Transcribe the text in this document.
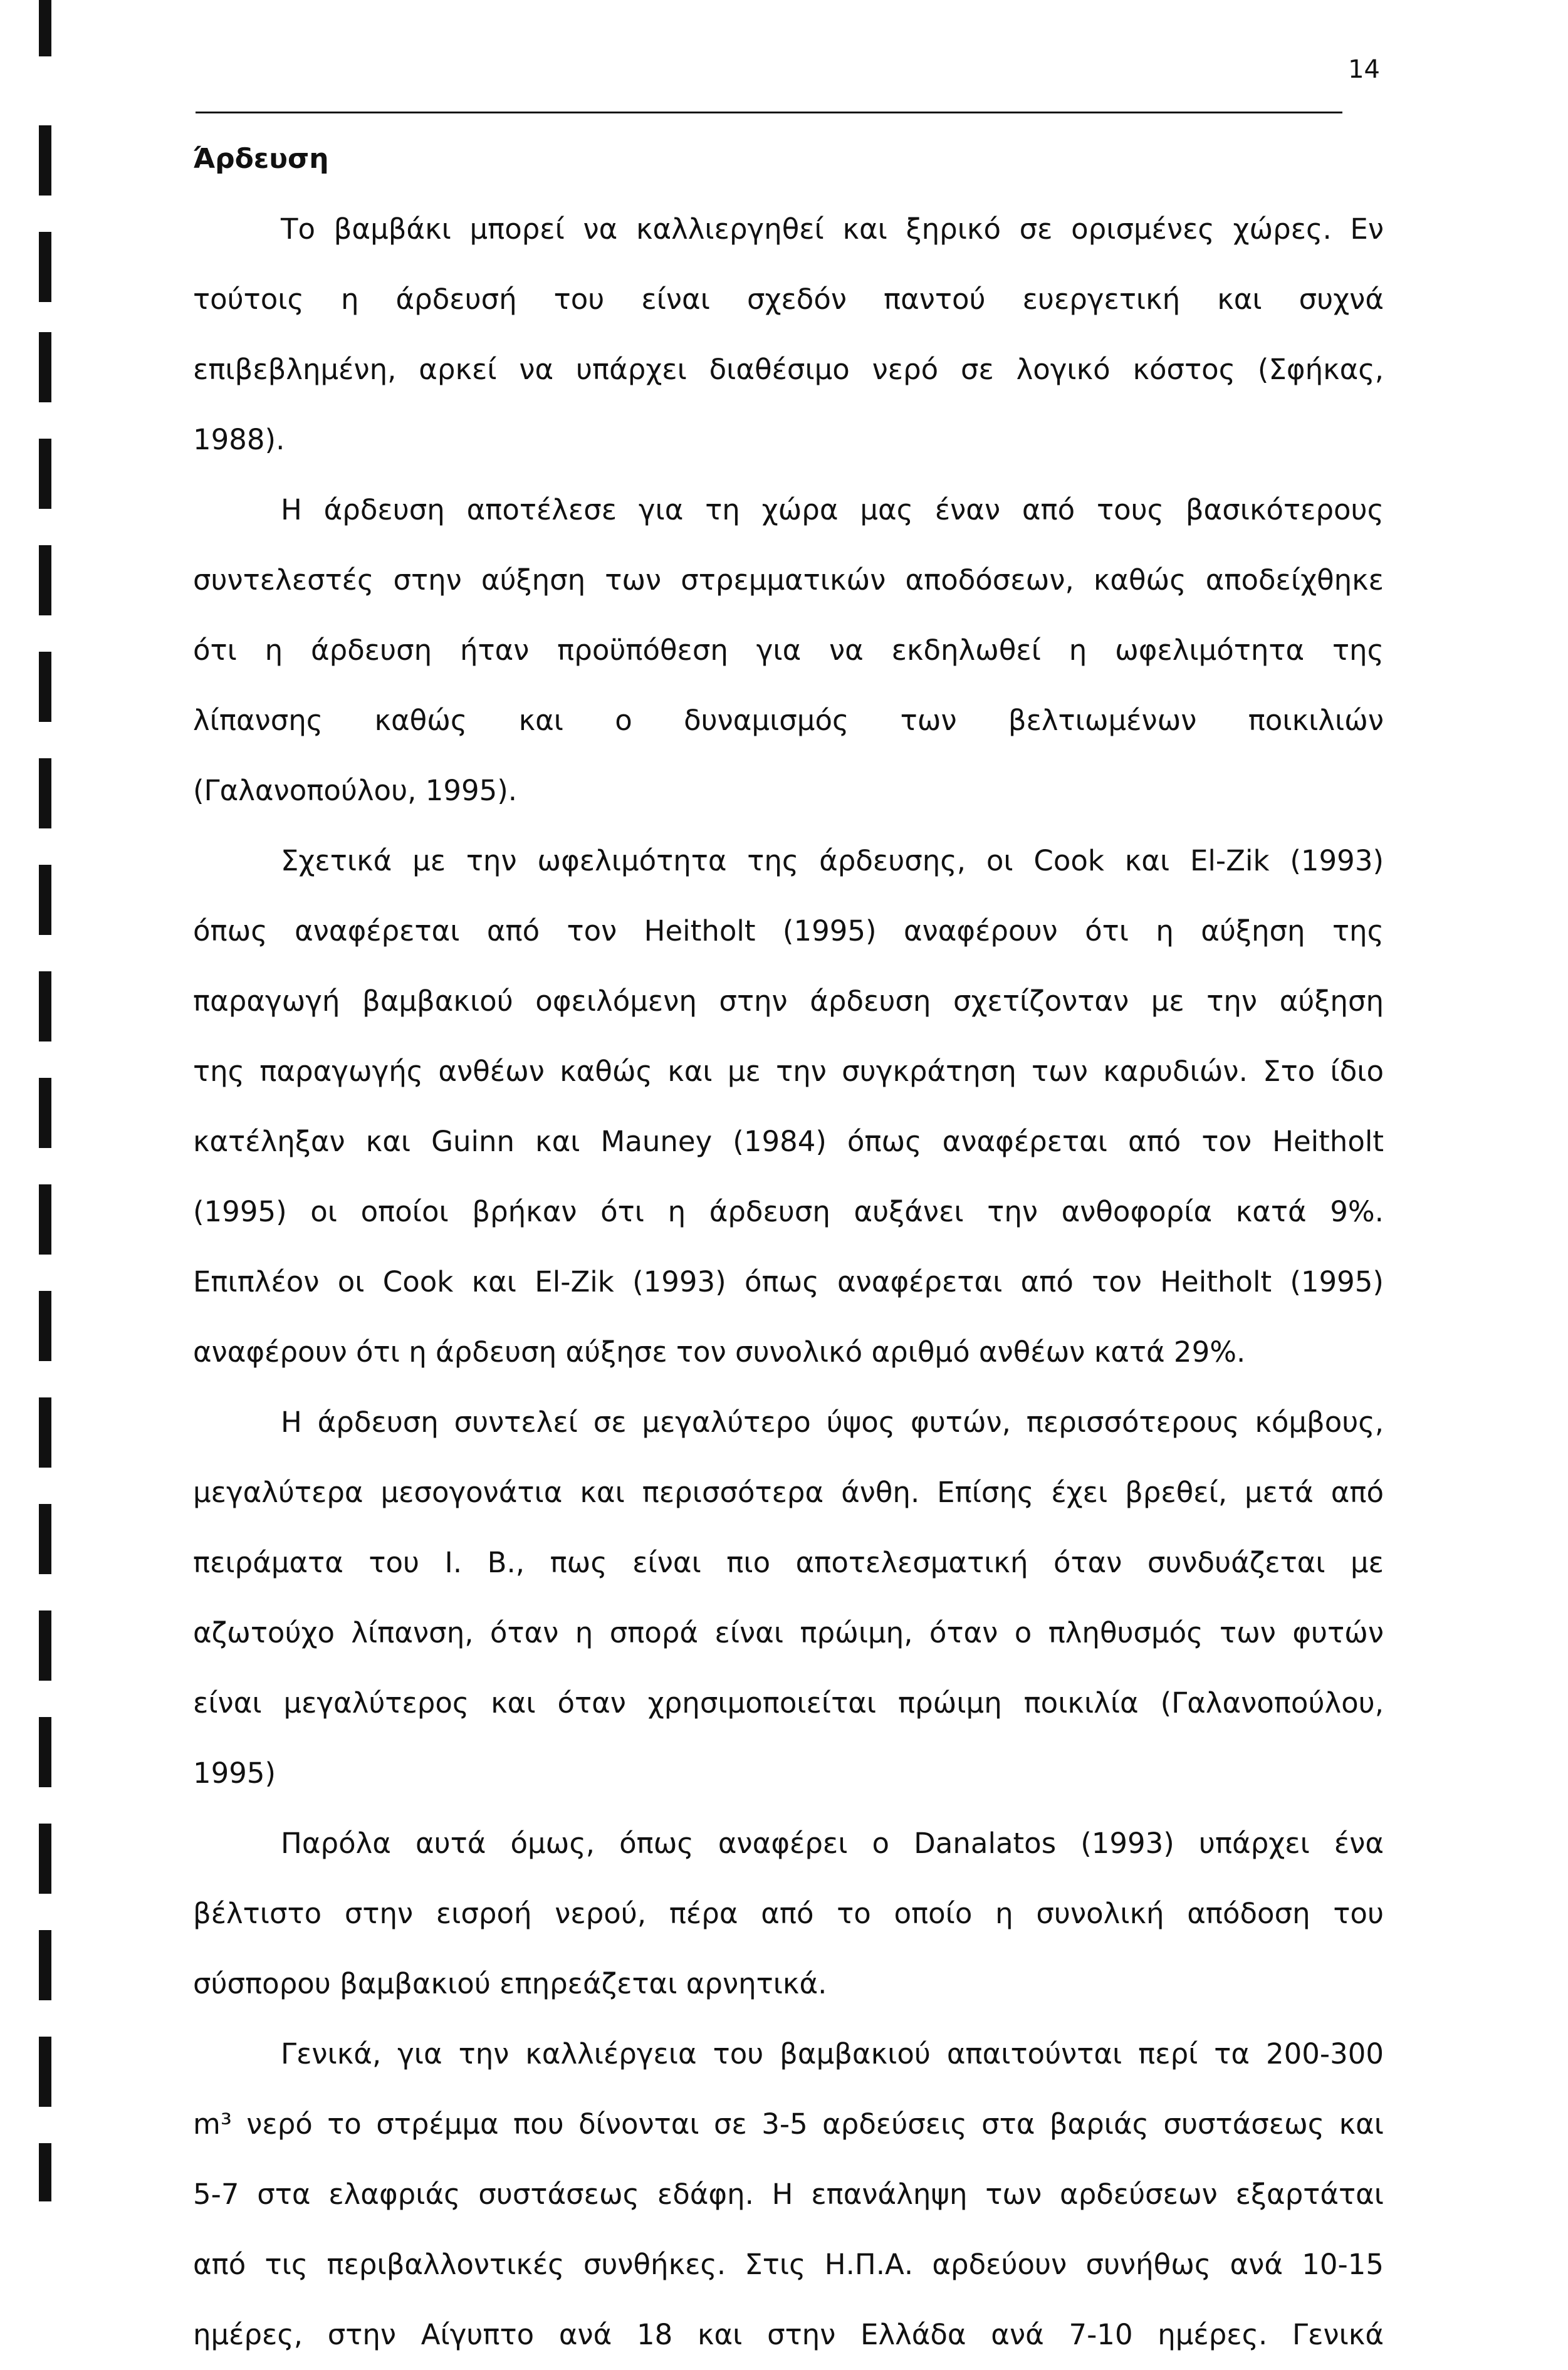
14
Άρδευση
Το βαμβάκι μπορεί να καλλιεργηθεί και ξηρικό σε ορισμένες χώρες. Εν
τούτοις η άρδευσή του είναι σχεδόν παντού ευεργετική και συχνά
επιβεβλημένη, αρκεί να υπάρχει διαθέσιμο νερό σε λογικό κόστος (Σφήκας,
1988).
Η άρδευση αποτέλεσε για τη χώρα μας έναν από τους βασικότερους
συντελεστές στην αύξηση των στρεμματικών αποδόσεων, καθώς αποδείχθηκε
ότι η άρδευση ήταν προϋπόθεση για να εκδηλωθεί η ωφελιμότητα της
λίπανσης καθώς και ο δυναμισμός των βελτιωμένων ποικιλιών
(Γαλανοπούλου, 1995).
Σχετικά με την ωφελιμότητα της άρδευσης, οι Cook και El-Zik (1993)
όπως αναφέρεται από τον Heitholt (1995) αναφέρουν ότι η αύξηση της
παραγωγή βαμβακιού οφειλόμενη στην άρδευση σχετίζονταν με την αύξηση
της παραγωγής ανθέων καθώς και με την συγκράτηση των καρυδιών. Στο ίδιο
κατέληξαν και Guinn και Mauney (1984) όπως αναφέρεται από τον Heitholt
(1995) οι οποίοι βρήκαν ότι η άρδευση αυξάνει την ανθοφορία κατά 9%.
Επιπλέον οι Cook και El-Zik (1993) όπως αναφέρεται από τον Heitholt (1995)
αναφέρουν ότι η άρδευση αύξησε τον συνολικό αριθμό ανθέων κατά 29%.
Η άρδευση συντελεί σε μεγαλύτερο ύψος φυτών, περισσότερους κόμβους,
μεγαλύτερα μεσογονάτια και περισσότερα άνθη. Επίσης έχει βρεθεί, μετά από
πειράματα του Ι. Β., πως είναι πιο αποτελεσματική όταν συνδυάζεται με
αζωτούχο λίπανση, όταν η σπορά είναι πρώιμη, όταν ο πληθυσμός των φυτών
είναι μεγαλύτερος και όταν χρησιμοποιείται πρώιμη ποικιλία (Γαλανοπούλου,
1995)
Παρόλα αυτά όμως, όπως αναφέρει ο Danalatos (1993) υπάρχει ένα
βέλτιστο στην εισροή νερού, πέρα από το οποίο η συνολική απόδοση του
σύσπορου βαμβακιού επηρεάζεται αρνητικά.
Γενικά, για την καλλιέργεια του βαμβακιού απαιτούνται περί τα 200-300
m³ νερό το στρέμμα που δίνονται σε 3-5 αρδεύσεις στα βαριάς συστάσεως και
5-7 στα ελαφριάς συστάσεως εδάφη. Η επανάληψη των αρδεύσεων εξαρτάται
από τις περιβαλλοντικές συνθήκες. Στις Η.Π.Α. αρδεύουν συνήθως ανά 10-15
ημέρες, στην Αίγυπτο ανά 18 και στην Ελλάδα ανά 7-10 ημέρες. Γενικά
